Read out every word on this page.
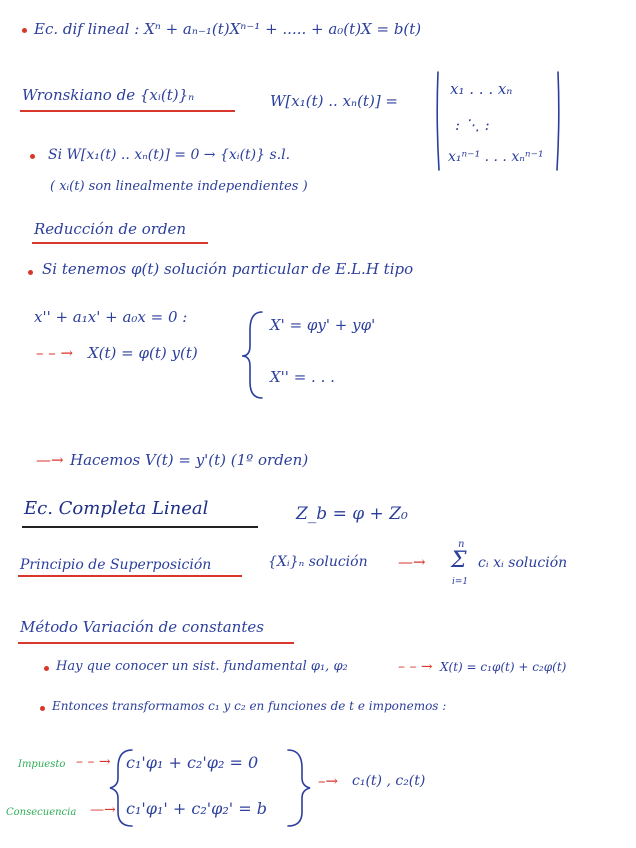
Ec. dif lineal : Xⁿ + aₙ₋₁(t)Xⁿ⁻¹ + ..... + a₀(t)X = b(t)
Wronskiano de {xᵢ(t)}ₙ	W[x₁(t) .. xₙ(t)] =
x₁ . . . xₙ
: ⋱ :
x₁ⁿ⁻¹ . . . xₙⁿ⁻¹
Si W[x₁(t) .. xₙ(t)] = 0 → {xᵢ(t)} s.l.
( xᵢ(t) son linealmente independientes )
Reducción de orden
Si tenemos φ(t) solución particular de E.L.H tipo
x'' + a₁x' + a₀x = 0 :
– – → X(t) = φ(t) y(t)
X' = φy' + yφ'
X'' = . . .
—→ Hacemos V(t) = y'(t) (1º orden)
Ec. Completa Lineal	Z_b = φ + Z₀
Principio de Superposición	{Xᵢ}ₙ solución —→
n
Σ
i=1
cᵢ xᵢ solución
Método Variación de constantes
Hay que conocer un sist. fundamental φ₁, φ₂	– – → X(t) = c₁φ(t) + c₂φ(t)
Entonces transformamos c₁ y c₂ en funciones de t e imponemos :
Impuesto
Consecuencia
– – →
—→
c₁'φ₁ + c₂'φ₂ = 0
c₁'φ₁' + c₂'φ₂' = b
–→ c₁(t) , c₂(t)
